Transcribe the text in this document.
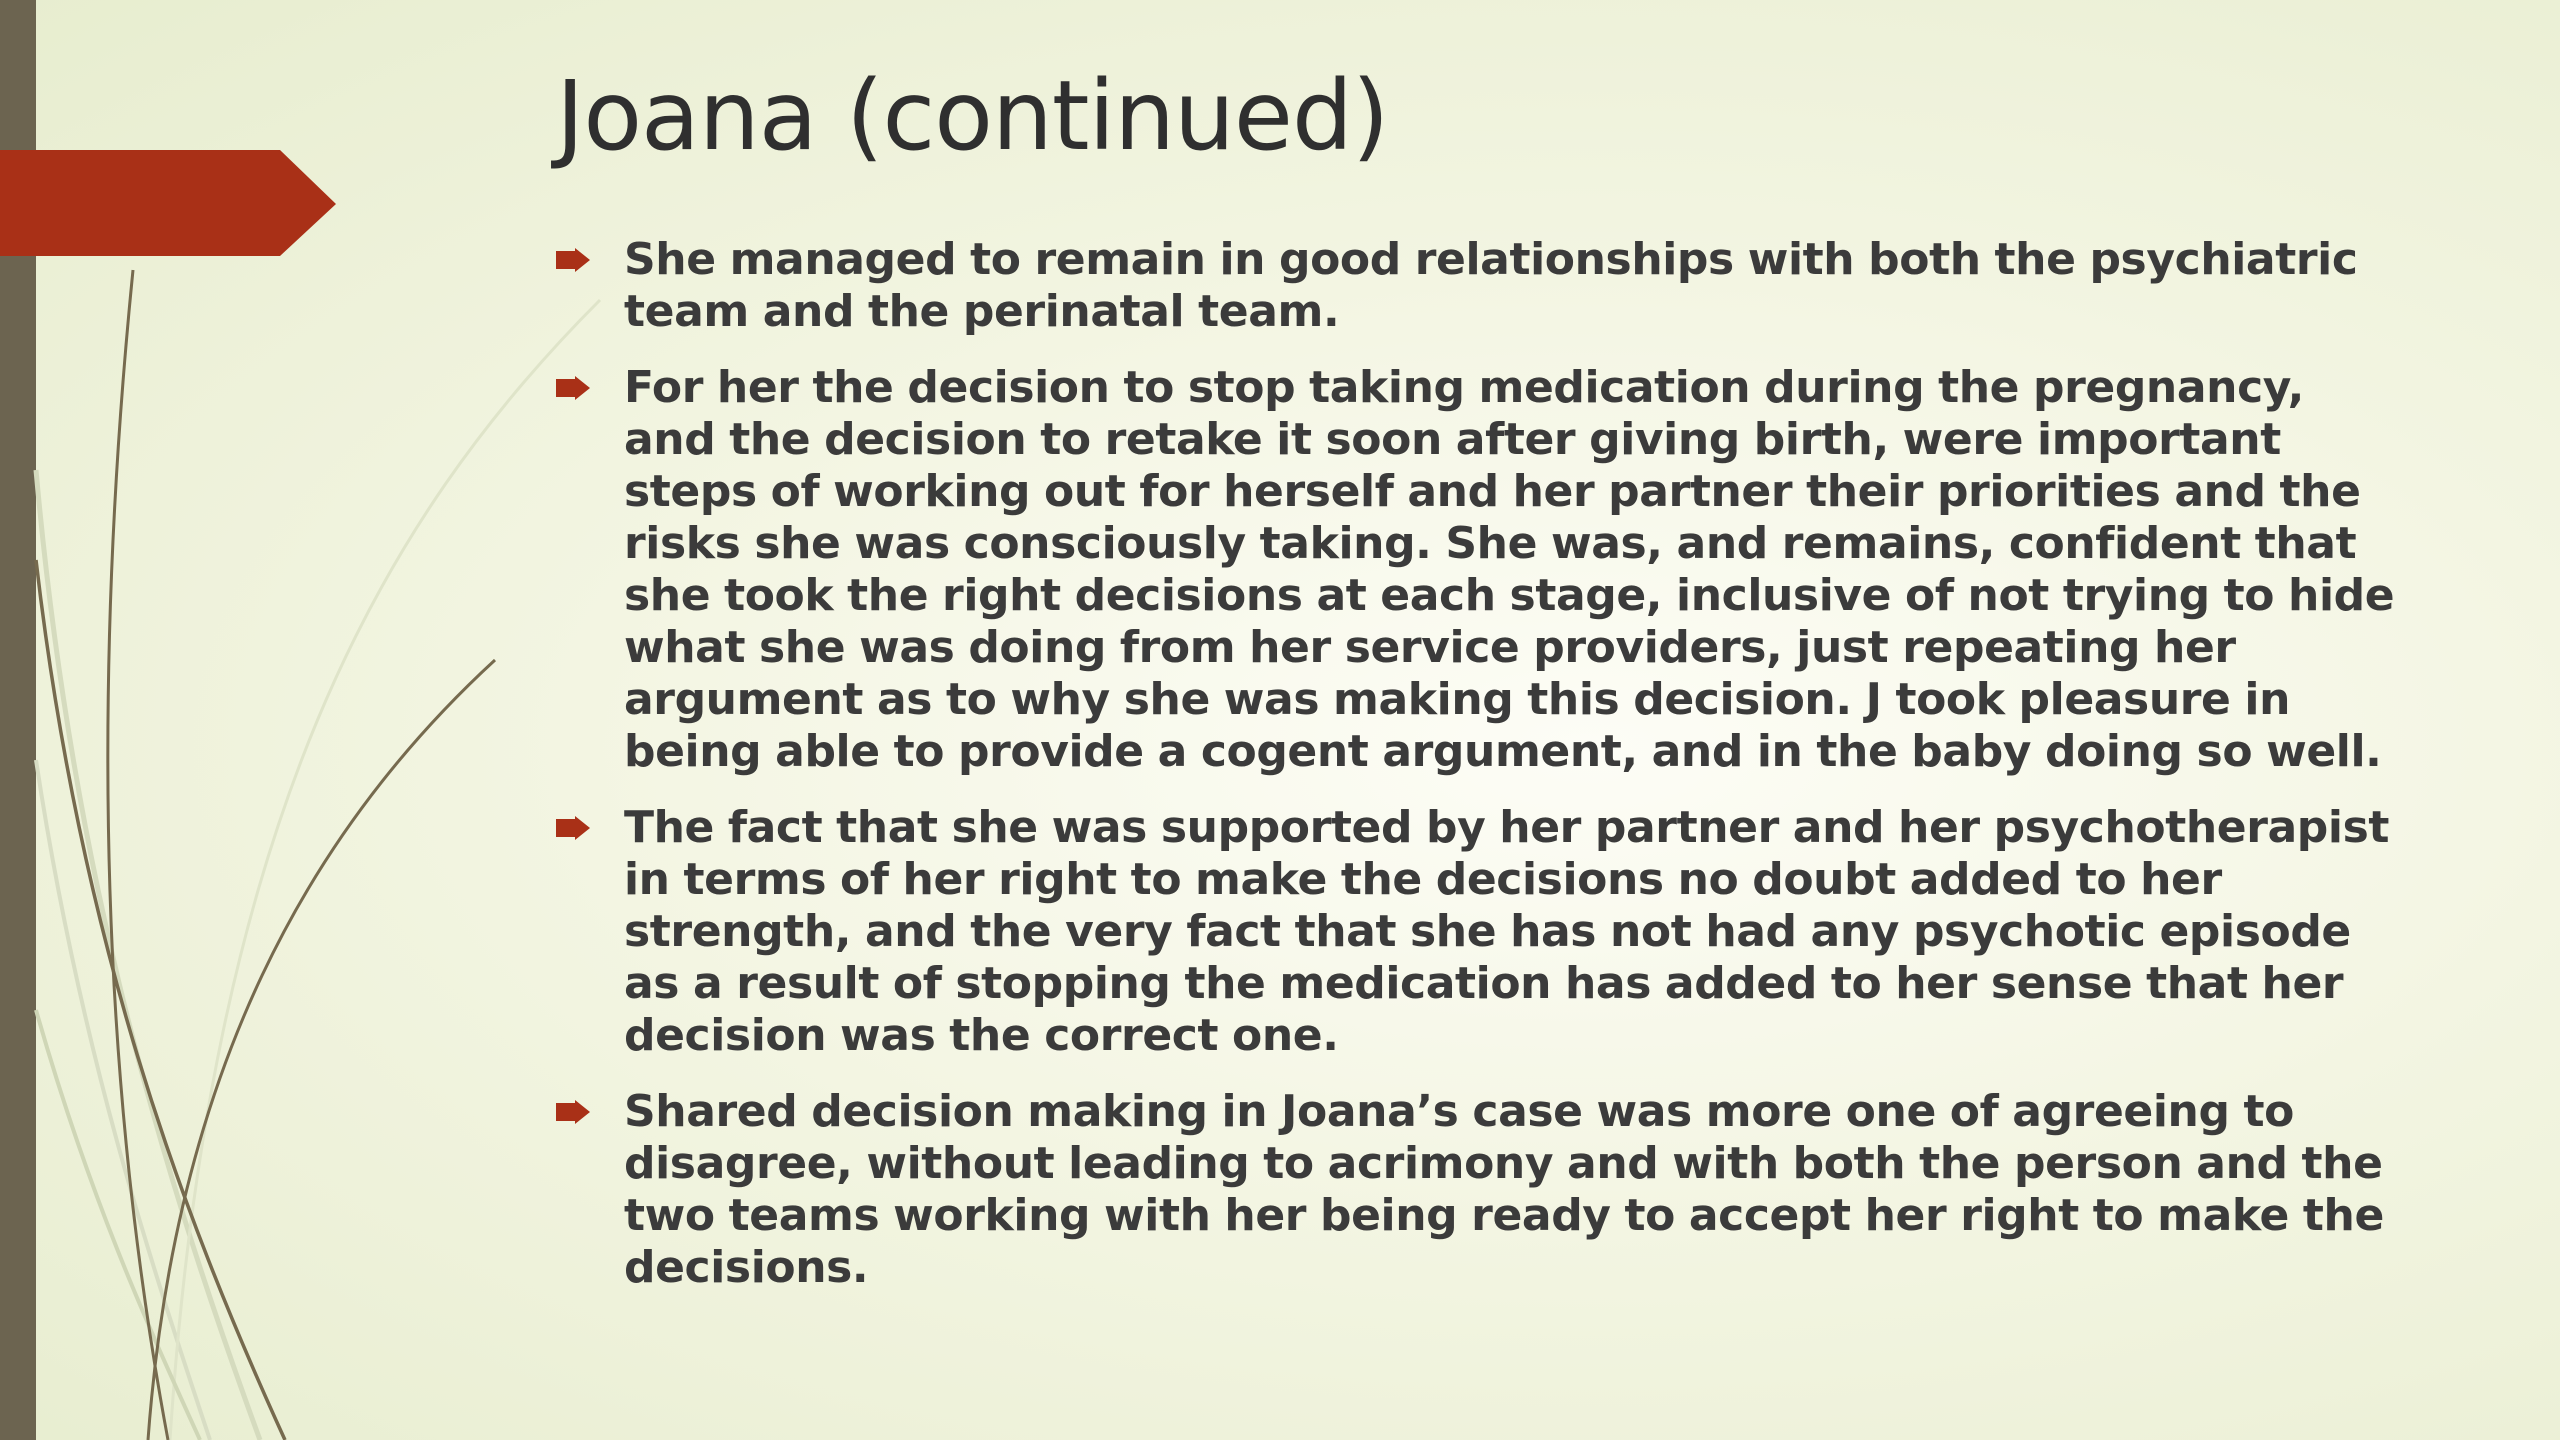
Joana (continued)
She managed to remain in good relationships with both the psychiatric team and the perinatal team.
For her the decision to stop taking medication during the pregnancy, and the decision to retake it soon after giving birth, were important steps of working out for herself and her partner their priorities and the risks she was consciously taking. She was, and remains, confident that she took the right decisions at each stage, inclusive of not trying to hide what she was doing from her service providers, just repeating her argument as to why she was making this decision. J took pleasure in being able to provide a cogent argument, and in the baby doing so well.
The fact that she was supported by her partner and her psychotherapist in terms of her right to make the decisions no doubt added to her strength, and the very fact that she has not had any psychotic episode as a result of stopping the medication has added to her sense that her decision was the correct one.
Shared decision making in Joana’s case was more one of agreeing to disagree, without leading to acrimony and with both the person and the two teams working with her being ready to accept her right to make the decisions.
